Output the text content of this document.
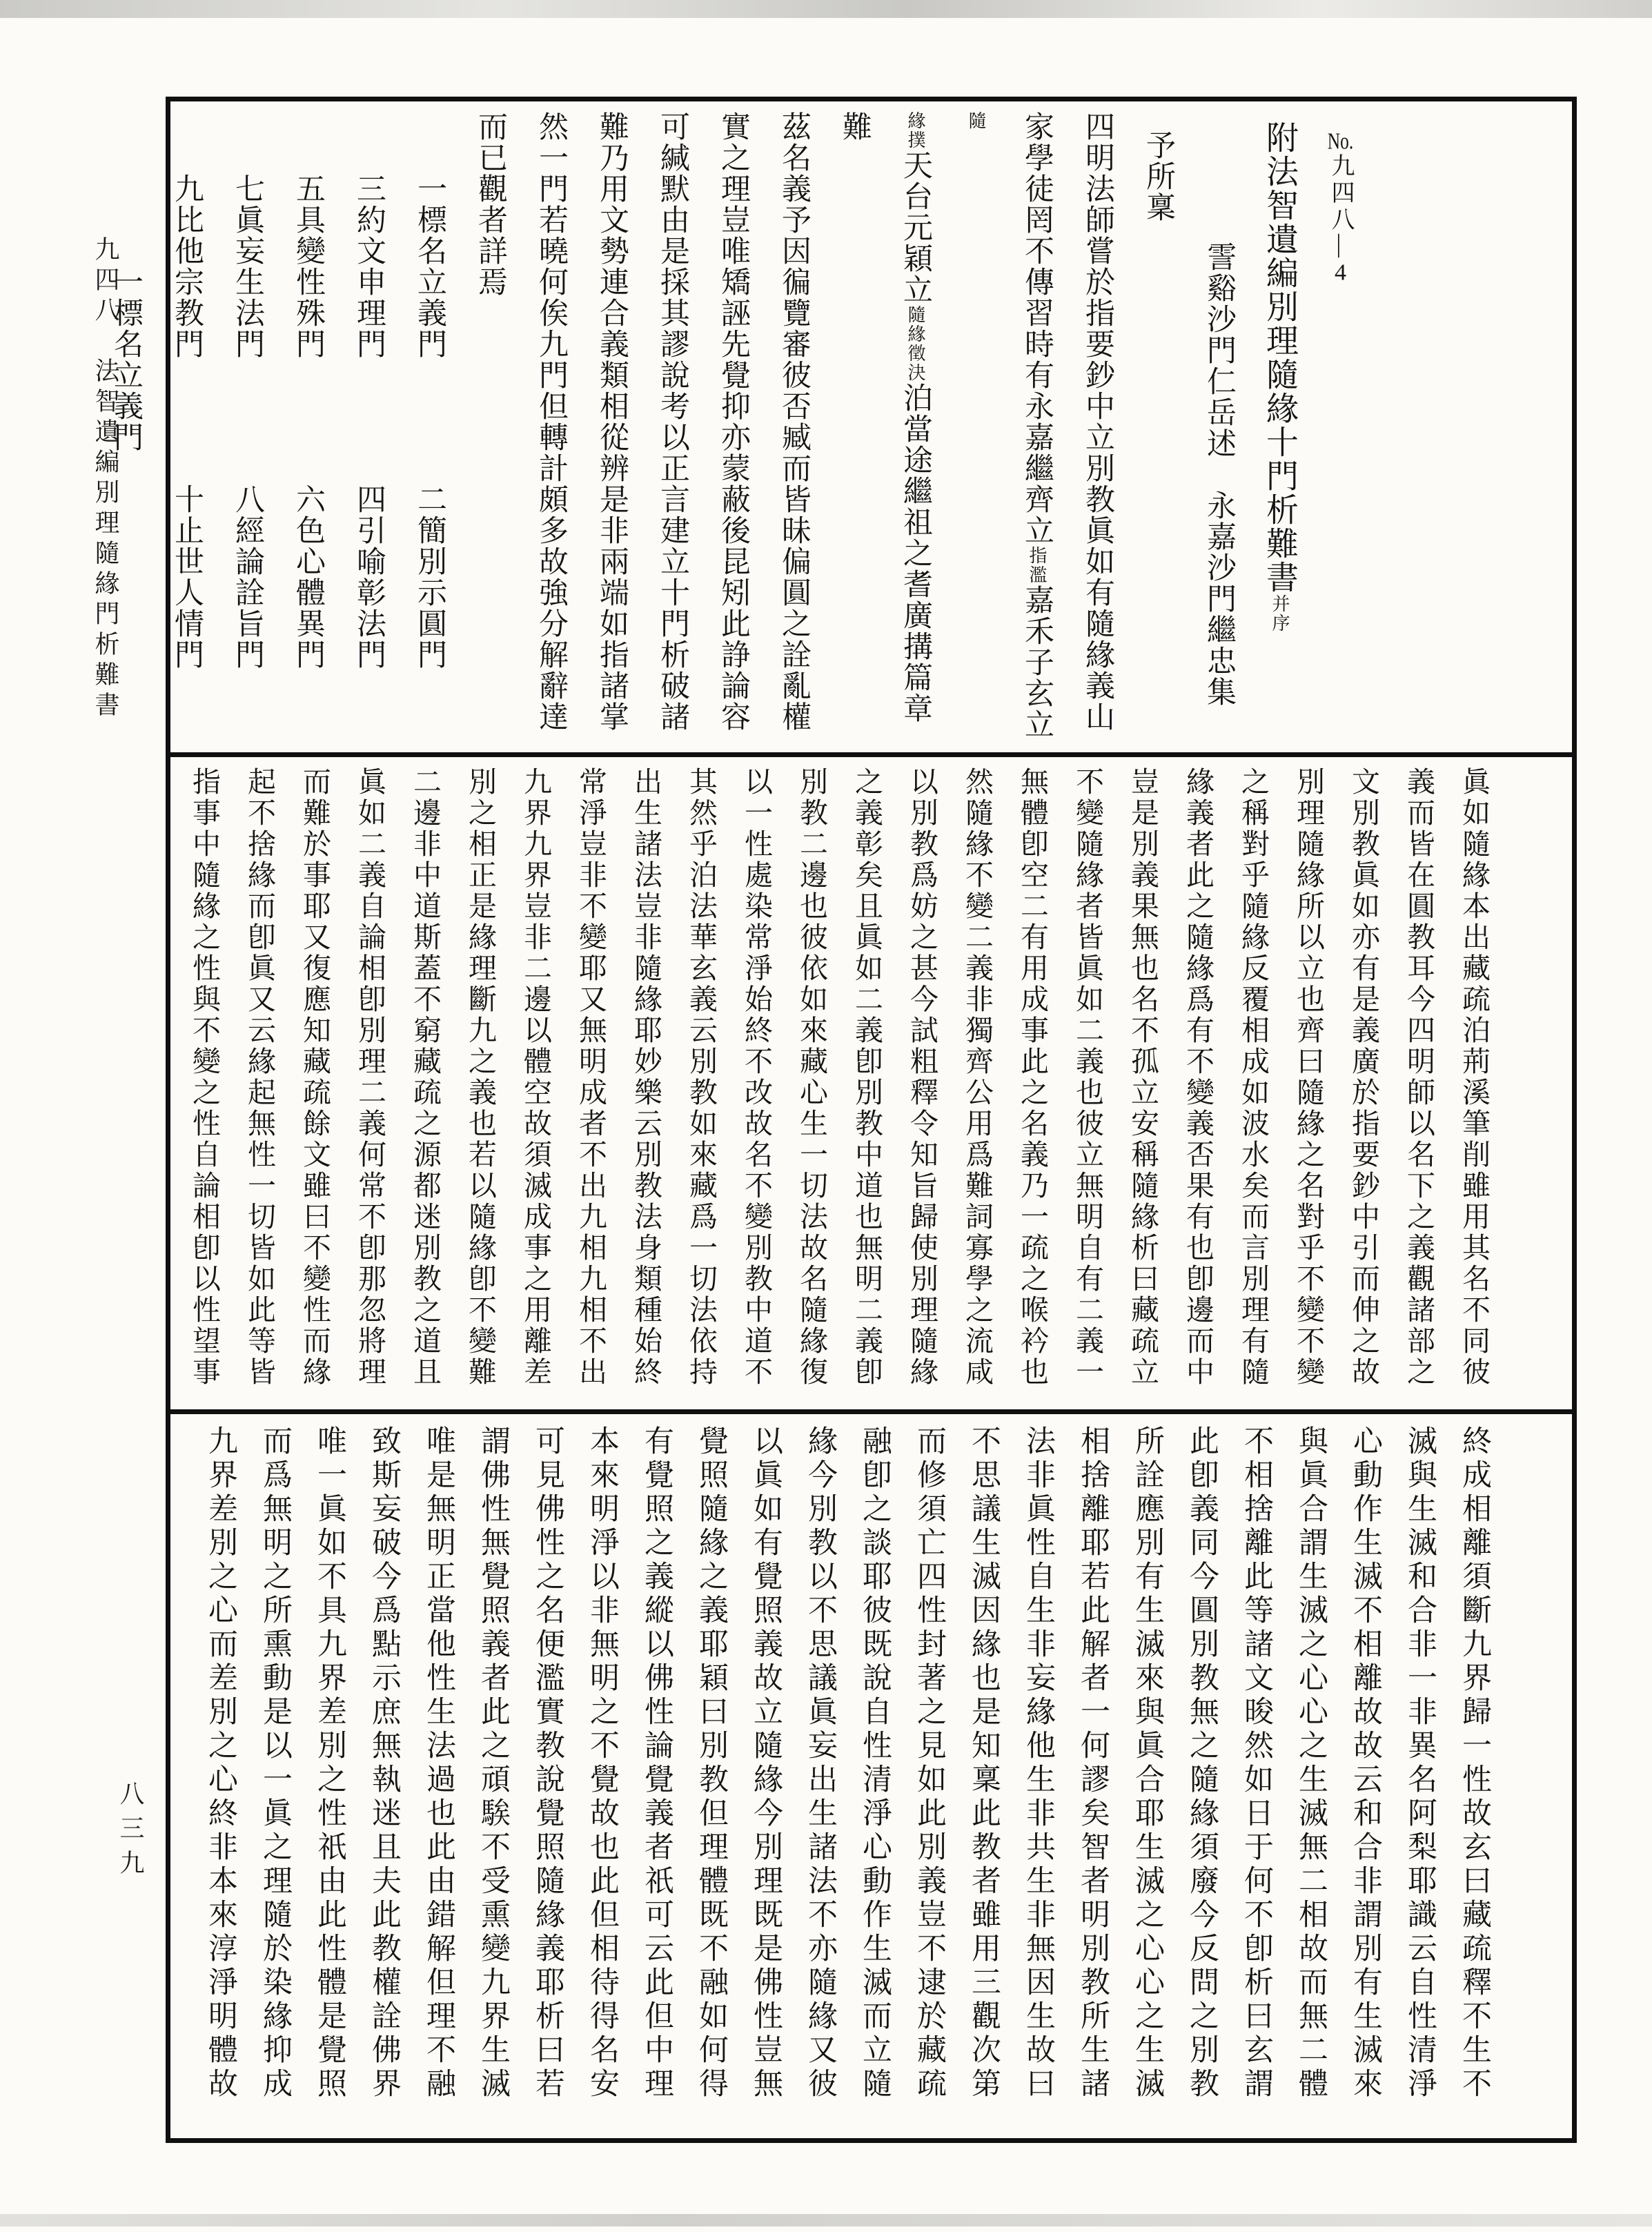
九四八　法智遺編別理隨緣門析難書
八三九
No.九四八—4
附法智遺編別理隨緣十門析難書并序
霅谿沙門仁岳述　永嘉沙門繼忠集
予所稟
四明法師嘗於指要鈔中立別教眞如有隨緣義山
家學徒罔不傳習時有永嘉繼齊立指濫嘉禾子玄立隨
緣撲天台元穎立隨緣徵決泊當途繼祖之耆廣搆篇章難
茲名義予因徧覽審彼否臧而皆昧偏圓之詮亂權
實之理豈唯矯誣先覺抑亦蒙蔽後昆矧此諍論容
可緘默由是採其謬說考以正言建立十門析破諸
難乃用文勢連合義類相從辨是非兩端如指諸掌
然一門若曉何俟九門但轉計頗多故強分解辭達
而已觀者詳焉
一標名立義門　　　　二簡別示圓門
三約文申理門　　　　四引喻彰法門
五具變性殊門　　　　六色心體異門
七眞妄生法門　　　　八經論詮旨門
九比他宗教門　　　　十止世人情門
一標名立義門
眞如隨緣本出藏疏泊荊溪筆削雖用其名不同彼
義而皆在圓教耳今四明師以名下之義觀諸部之
文別教眞如亦有是義廣於指要鈔中引而伸之故
別理隨緣所以立也齊曰隨緣之名對乎不變不變
之稱對乎隨緣反覆相成如波水矣而言別理有隨
緣義者此之隨緣爲有不變義否果有也卽邊而中
豈是別義果無也名不孤立安稱隨緣析曰藏疏立
不變隨緣者皆眞如二義也彼立無明自有二義一
無體卽空二有用成事此之名義乃一疏之喉衿也
然隨緣不變二義非獨齊公用爲難詞寡學之流咸
以別教爲妨之甚今試粗釋令知旨歸使別理隨緣
之義彰矣且眞如二義卽別教中道也無明二義卽
別教二邊也彼依如來藏心生一切法故名隨緣復
以一性處染常淨始終不改故名不變別教中道不
其然乎泊法華玄義云別教如來藏爲一切法依持
出生諸法豈非隨緣耶妙樂云別教法身類種始終
常淨豈非不變耶又無明成者不出九相九相不出
九界九界豈非二邊以體空故須滅成事之用離差
別之相正是緣理斷九之義也若以隨緣卽不變難
二邊非中道斯蓋不窮藏疏之源都迷別教之道且
眞如二義自論相卽別理二義何常不卽那忽將理
而難於事耶又復應知藏疏餘文雖曰不變性而緣
起不捨緣而卽眞又云緣起無性一切皆如此等皆
指事中隨緣之性與不變之性自論相卽以性望事
終成相離須斷九界歸一性故玄曰藏疏釋不生不
滅與生滅和合非一非異名阿梨耶識云自性清淨
心動作生滅不相離故故云和合非謂別有生滅來
與眞合謂生滅之心心之生滅無二相故而無二體
不相捨離此等諸文晙然如日于何不卽析曰玄謂
此卽義同今圓別教無之隨緣須廢今反問之別教
所詮應別有生滅來與眞合耶生滅之心心之生滅
相捨離耶若此解者一何謬矣智者明別教所生諸
法非眞性自生非妄緣他生非共生非無因生故曰
不思議生滅因緣也是知稟此教者雖用三觀次第
而修須亡四性封著之見如此別義豈不逮於藏疏
融卽之談耶彼既說自性清淨心動作生滅而立隨
緣今別教以不思議眞妄出生諸法不亦隨緣又彼
以眞如有覺照義故立隨緣今別理既是佛性豈無
覺照隨緣之義耶穎曰別教但理體既不融如何得
有覺照之義縱以佛性論覺義者祇可云此但中理
本來明淨以非無明之不覺故也此但相待得名安
可見佛性之名便濫實教說覺照隨緣義耶析曰若
謂佛性無覺照義者此之頑騃不受熏變九界生滅
唯是無明正當他性生法過也此由錯解但理不融
致斯妄破今爲點示庶無執迷且夫此教權詮佛界
唯一眞如不具九界差別之性祇由此性體是覺照
而爲無明之所熏動是以一眞之理隨於染緣抑成
九界差別之心而差別之心終非本來淳淨明體故
